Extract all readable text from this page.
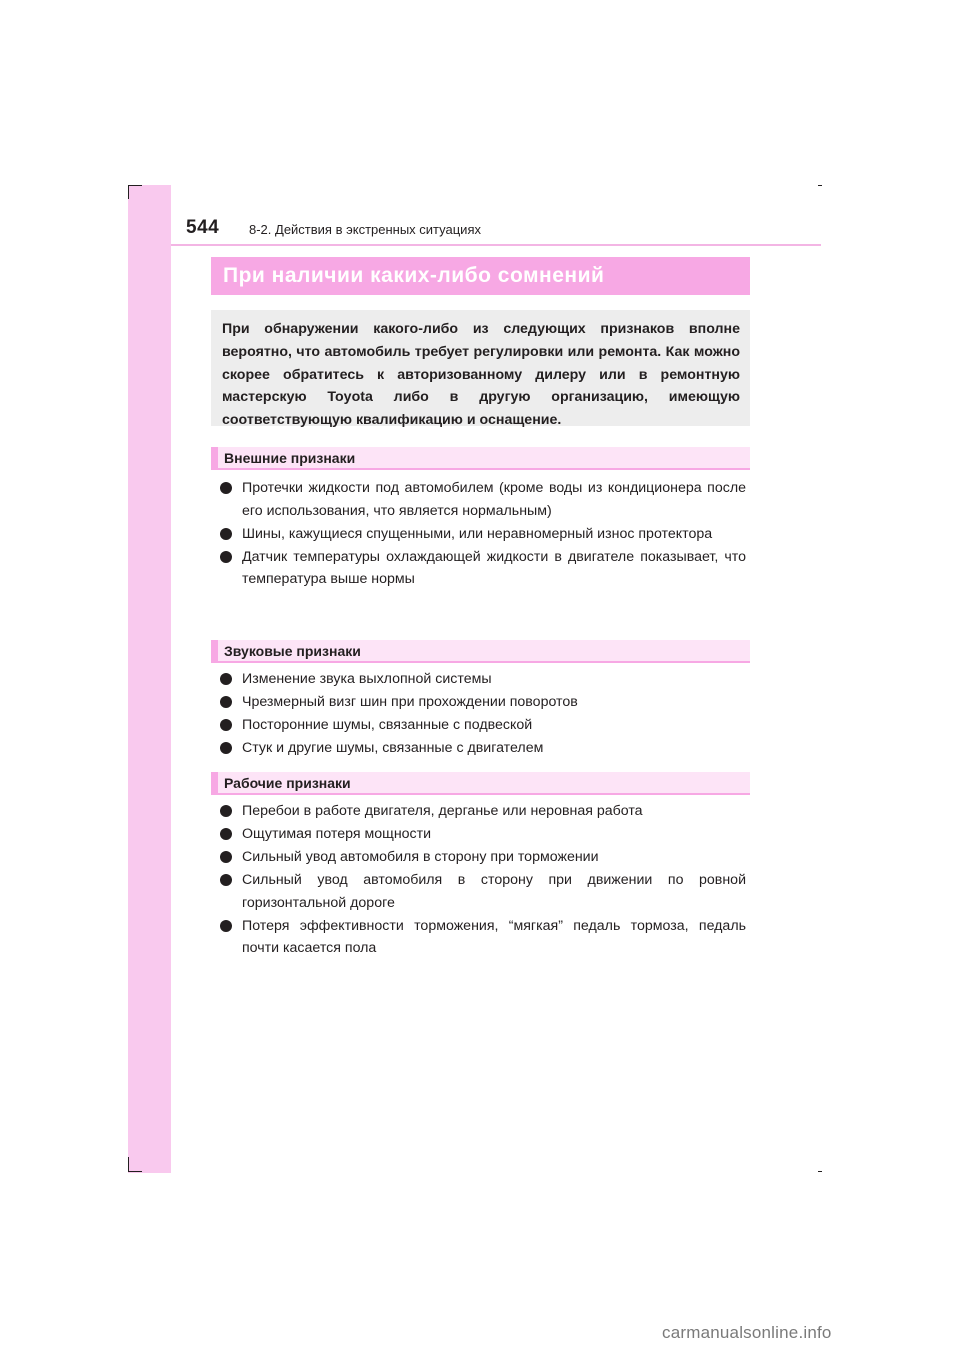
544 8-2. Действия в экстренных ситуациях
При наличии каких-либо сомнений

При обнаружении какого-либо из следующих признаков вполне вероятно, что автомобиль требует регулировки или ремонта. Как можно скорее обратитесь к авторизованному дилеру или в ремонтную мастерскую Toyota либо в другую организацию, имеющую соответствующую квалификацию и оснащение.

Внешние признаки
Протечки жидкости под автомобилем (кроме воды из кондиционера после его использования, что является нормальным)
Шины, кажущиеся спущенными, или неравномерный износ протектора
Датчик температуры охлаждающей жидкости в двигателе показывает, что температура выше нормы
Звуковые признаки
Изменение звука выхлопной системы
Чрезмерный визг шин при прохождении поворотов
Посторонние шумы, связанные с подвеской
Стук и другие шумы, связанные с двигателем
Рабочие признаки
Перебои в работе двигателя, дерганье или неровная работа
Ощутимая потеря мощности
Сильный увод автомобиля в сторону при торможении
Сильный увод автомобиля в сторону при движении по ровной горизонтальной дороге
Потеря эффективности торможения, “мягкая” педаль тормоза, педаль почти касается пола
carmanualsonline.info
